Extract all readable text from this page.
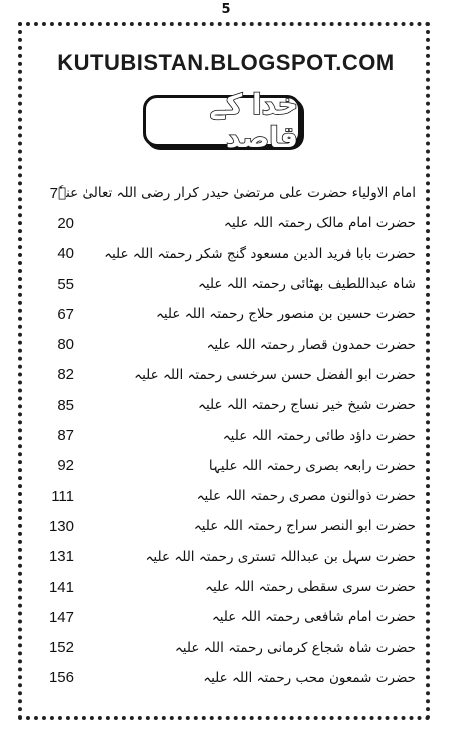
5
KUTUBISTAN.BLOGSPOT.COM
خدا کے قاصد
7 امام الاولیاء حضرت علی مرتضیٰ حیدر کرار رضی اللہ تعالیٰ عنہٗ
20	حضرت امام مالک رحمتہ اللہ علیہ
40 حضرت بابا فرید الدین مسعود گنج شکر رحمتہ اللہ علیہ
55	شاہ عبداللطیف بھٹائی رحمتہ اللہ علیہ
67	حضرت حسین بن منصور حلاج رحمتہ اللہ علیہ
80	حضرت حمدون قصار رحمتہ اللہ علیہ
82	حضرت ابو الفضل حسن سرخسی رحمتہ اللہ علیہ
85	حضرت شیخ خیر نساج رحمتہ اللہ علیہ
87	حضرت داؤد طائی رحمتہ اللہ علیہ
92	حضرت رابعہ بصری رحمتہ اللہ علیہا
111	حضرت ذوالنون مصری رحمتہ اللہ علیہ
130	حضرت ابو النصر سراج رحمتہ اللہ علیہ
131	حضرت سہل بن عبداللہ تستری رحمتہ اللہ علیہ
141	حضرت سری سقطی رحمتہ اللہ علیہ
147	حضرت امام شافعی رحمتہ اللہ علیہ
152	حضرت شاہ شجاع کرمانی رحمتہ اللہ علیہ
156	حضرت شمعون محب رحمتہ اللہ علیہ
